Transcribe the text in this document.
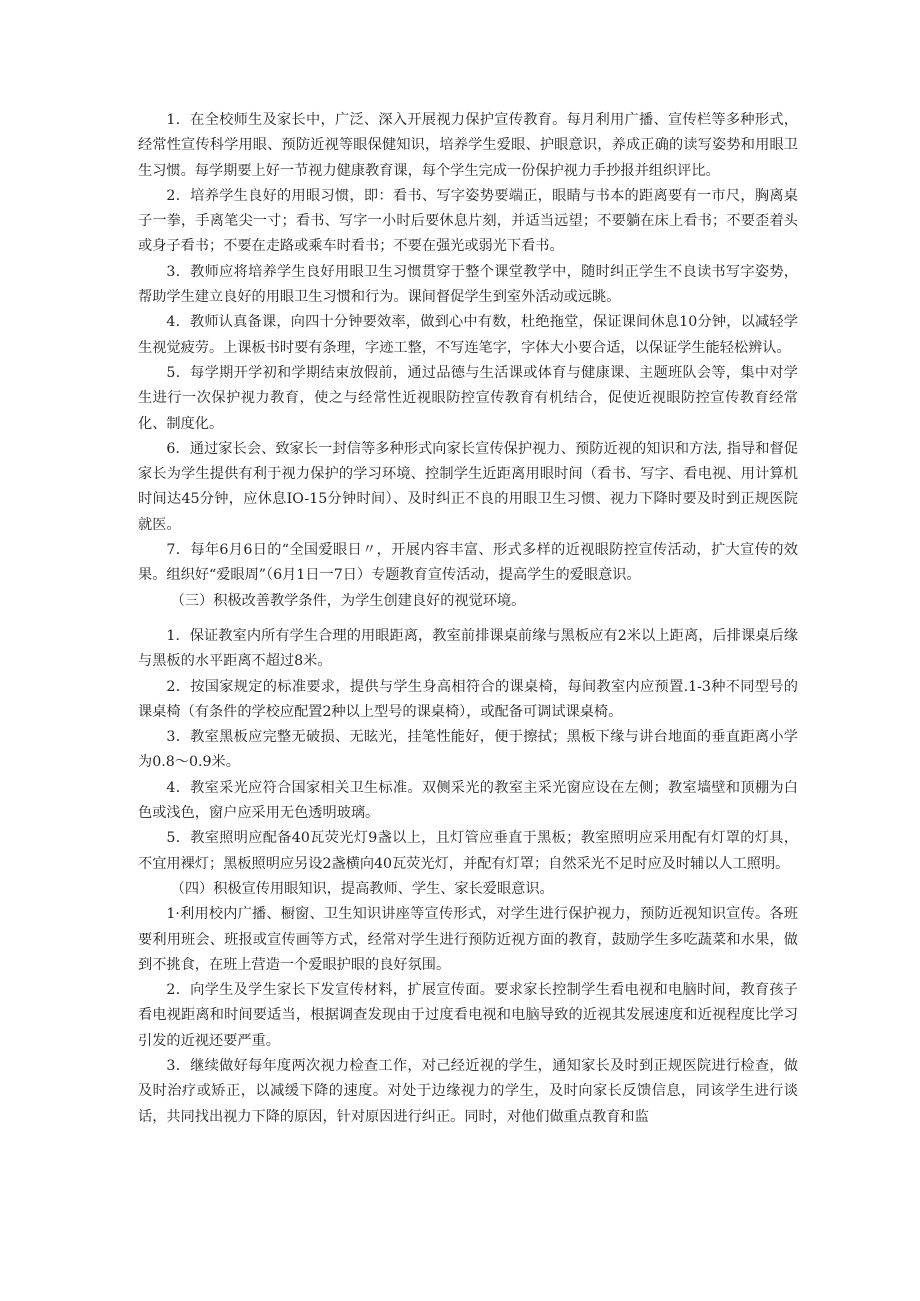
1．在全校师生及家长中，广泛、深入开展视力保护宣传教育。每月利用广播、宣传栏等多种形式，经常性宣传科学用眼、预防近视等眼保健知识，培养学生爱眼、护眼意识，养成正确的读写姿势和用眼卫生习惯。每学期要上好一节视力健康教育课，每个学生完成一份保护视力手抄报并组织评比。

2．培养学生良好的用眼习惯，即：看书、写字姿势要端正，眼睛与书本的距离要有一市尺，胸离桌子一拳，手离笔尖一寸；看书、写字一小时后要休息片刻，并适当远望；不要躺在床上看书；不要歪着头或身子看书；不要在走路或乘车时看书；不要在强光或弱光下看书。

3．教师应将培养学生良好用眼卫生习惯贯穿于整个课堂教学中，随时纠正学生不良读书写字姿势，帮助学生建立良好的用眼卫生习惯和行为。课间督促学生到室外活动或远眺。

4．教师认真备课，向四十分钟要效率，做到心中有数，杜绝拖堂，保证课间休息10分钟，以减轻学生视觉疲劳。上课板书时要有条理，字迹工整，不写连笔字，字体大小要合适，以保证学生能轻松辨认。

5．每学期开学初和学期结束放假前，通过品德与生活课或体育与健康课、主题班队会等，集中对学生进行一次保护视力教育，使之与经常性近视眼防控宣传教育有机结合，促使近视眼防控宣传教育经常化、制度化。

6．通过家长会、致家长一封信等多种形式向家长宣传保护视力、预防近视的知识和方法, 指导和督促家长为学生提供有利于视力保护的学习环境、控制学生近距离用眼时间（看书、写字、看电视、用计算机时间达45分钟，应休息IO-15分钟时间）、及时纠正不良的用眼卫生习惯、视力下降时要及时到正规医院就医。

7．每年6月6日的“全国爱眼日〃，开展内容丰富、形式多样的近视眼防控宣传活动，扩大宣传的效果。组织好“爱眼周”（6月1日一7日）专题教育宣传活动，提高学生的爱眼意识。

（三）积极改善教学条件，为学生创建良好的视觉环境。

1．保证教室内所有学生合理的用眼距离，教室前排课桌前缘与黑板应有2米以上距离，后排课桌后缘与黑板的水平距离不超过8米。

2．按国家规定的标准要求，提供与学生身高相符合的课桌椅，每间教室内应预置.1-3种不同型号的课桌椅（有条件的学校应配置2种以上型号的课桌椅），或配备可调试课桌椅。

3．教室黑板应完整无破损、无眩光，挂笔性能好，便于擦拭；黑板下缘与讲台地面的垂直距离小学为0.8～0.9米。

4．教室采光应符合国家相关卫生标准。双侧采光的教室主采光窗应设在左侧；教室墙壁和顶棚为白色或浅色，窗户应采用无色透明玻璃。

5．教室照明应配备40瓦荧光灯9盏以上，且灯管应垂直于黑板；教室照明应采用配有灯罩的灯具，不宜用裸灯；黑板照明应另设2盏横向40瓦荧光灯，并配有灯罩；自然采光不足时应及时辅以人工照明。

（四）积极宣传用眼知识，提高教师、学生、家长爱眼意识。

1·利用校内广播、橱窗、卫生知识讲座等宣传形式，对学生进行保护视力，预防近视知识宣传。各班要利用班会、班报或宣传画等方式，经常对学生进行预防近视方面的教育，鼓励学生多吃蔬菜和水果，做到不挑食，在班上营造一个爱眼护眼的良好氛围。

2．向学生及学生家长下发宣传材料，扩展宣传面。要求家长控制学生看电视和电脑时间，教育孩子看电视距离和时间要适当，根据调查发现由于过度看电视和电脑导致的近视其发展速度和近视程度比学习引发的近视还要严重。

3．继续做好每年度两次视力检查工作，对己经近视的学生，通知家长及时到正规医院进行检查，做及时治疗或矫正，以减缓下降的速度。对处于边缘视力的学生，及时向家长反馈信息，同该学生进行谈话，共同找出视力下降的原因，针对原因进行纠正。同时，对他们做重点教育和监
